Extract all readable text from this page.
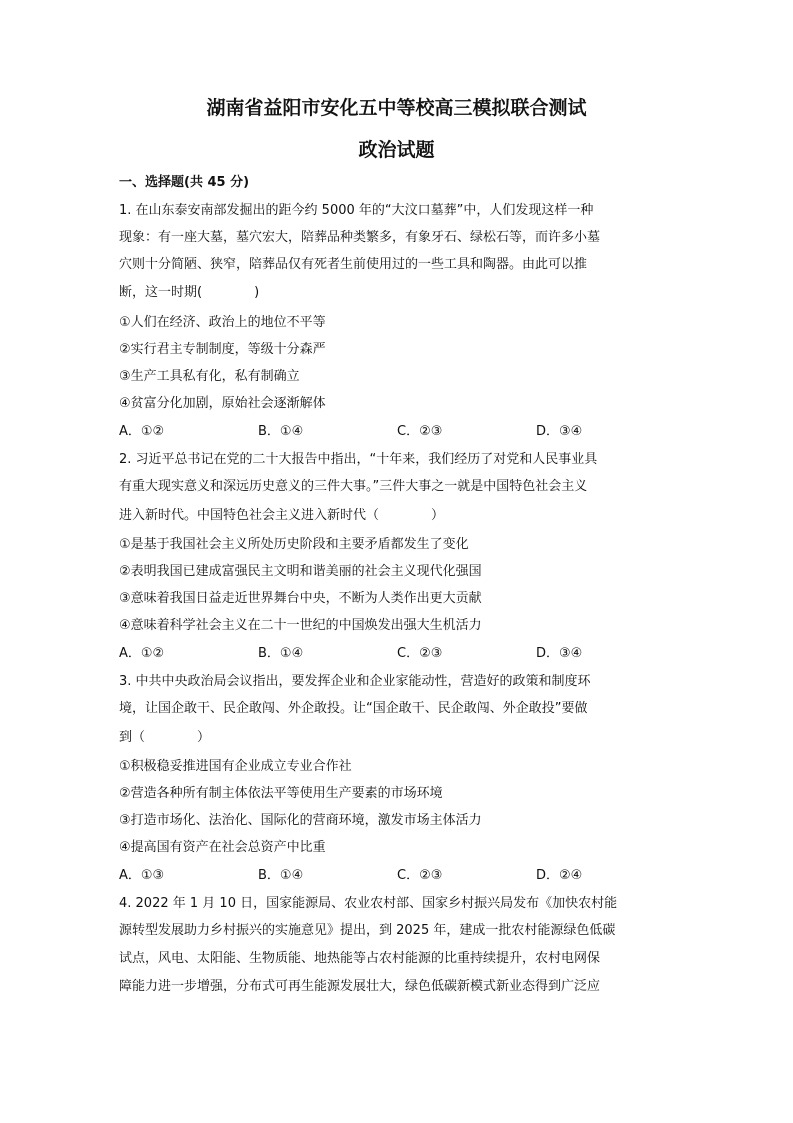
湖南省益阳市安化五中等校高三模拟联合测试
政治试题
一、选择题(共 45 分)
1. 在山东泰安南部发掘出的距今约 5000 年的“大汶口墓葬”中，人们发现这样一种
现象：有一座大墓，墓穴宏大，陪葬品种类繁多，有象牙石、绿松石等，而许多小墓
穴则十分简陋、狭窄，陪葬品仅有死者生前使用过的一些工具和陶器。由此可以推
断，这一时期(　　　　)
①人们在经济、政治上的地位不平等
②实行君主专制制度，等级十分森严
③生产工具私有化，私有制确立
④贫富分化加剧，原始社会逐渐解体
A．①②	B．①④	C．②③	D．③④
2. 习近平总书记在党的二十大报告中指出，“十年来，我们经历了对党和人民事业具
有重大现实意义和深远历史意义的三件大事。”三件大事之一就是中国特色社会主义
进入新时代。中国特色社会主义进入新时代（　　　　）
①是基于我国社会主义所处历史阶段和主要矛盾都发生了变化
②表明我国已建成富强民主文明和谐美丽的社会主义现代化强国
③意味着我国日益走近世界舞台中央，不断为人类作出更大贡献
④意味着科学社会主义在二十一世纪的中国焕发出强大生机活力
A．①②	B．①④	C．②③	D．③④
3. 中共中央政治局会议指出，要发挥企业和企业家能动性，营造好的政策和制度环
境，让国企敢干、民企敢闯、外企敢投。让“国企敢干、民企敢闯、外企敢投”要做
到（　　　　）
①积极稳妥推进国有企业成立专业合作社
②营造各种所有制主体依法平等使用生产要素的市场环境
③打造市场化、法治化、国际化的营商环境，激发市场主体活力
④提高国有资产在社会总资产中比重
A．①③	B．①④	C．②③	D．②④
4. 2022 年 1 月 10 日，国家能源局、农业农村部、国家乡村振兴局发布《加快农村能
源转型发展助力乡村振兴的实施意见》提出，到 2025 年，建成一批农村能源绿色低碳
试点，风电、太阳能、生物质能、地热能等占农村能源的比重持续提升，农村电网保
障能力进一步增强，分布式可再生能源发展壮大，绿色低碳新模式新业态得到广泛应
